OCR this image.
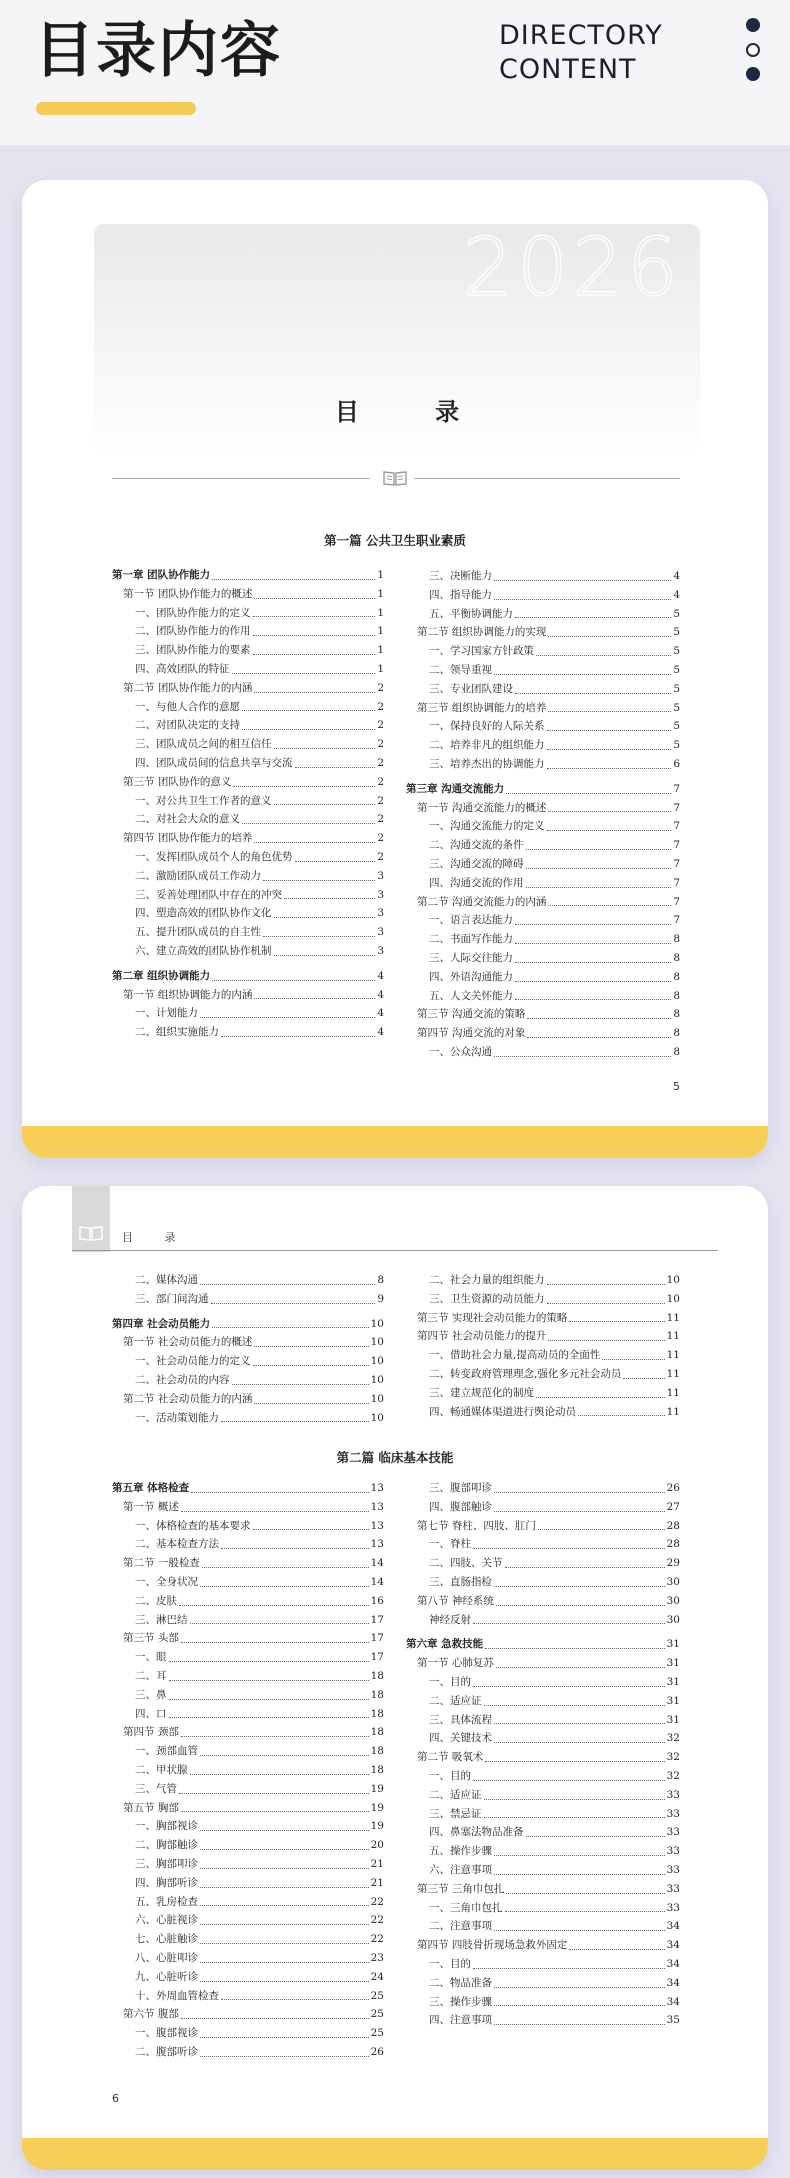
目录内容	DIRECTORY
CONTENT
2026
目 录
第一篇 公共卫生职业素质
第一章 团队协作能力	1
第一节 团队协作能力的概述	1
一、团队协作能力的定义	1
二、团队协作能力的作用	1
三、团队协作能力的要素	1
四、高效团队的特征	1
第二节 团队协作能力的内涵	2
一、与他人合作的意愿	2
二、对团队决定的支持	2
三、团队成员之间的相互信任	2
四、团队成员间的信息共享与交流	2
第三节 团队协作的意义	2
一、对公共卫生工作者的意义	2
二、对社会大众的意义	2
第四节 团队协作能力的培养	2
一、发挥团队成员个人的角色优势	2
二、激励团队成员工作动力	3
三、妥善处理团队中存在的冲突	3
四、塑造高效的团队协作文化	3
五、提升团队成员的自主性	3
六、建立高效的团队协作机制	3
第二章 组织协调能力	4
第一节 组织协调能力的内涵	4
一、计划能力	4
二、组织实施能力	4
三、决断能力	4
四、指导能力	4
五、平衡协调能力	5
第二节 组织协调能力的实现	5
一、学习国家方针政策	5
二、领导重视	5
三、专业团队建设	5
第三节 组织协调能力的培养	5
一、保持良好的人际关系	5
二、培养非凡的组织能力	5
三、培养杰出的协调能力	6
第三章 沟通交流能力	7
第一节 沟通交流能力的概述	7
一、沟通交流能力的定义	7
二、沟通交流的条件	7
三、沟通交流的障碍	7
四、沟通交流的作用	7
第二节 沟通交流能力的内涵	7
一、语言表达能力	7
二、书面写作能力	8
三、人际交往能力	8
四、外语沟通能力	8
五、人文关怀能力	8
第三节 沟通交流的策略	8
第四节 沟通交流的对象	8
一、公众沟通	8
5
目 录
二、媒体沟通	8
三、部门间沟通	9
第四章 社会动员能力	10
第一节 社会动员能力的概述	10
一、社会动员能力的定义	10
二、社会动员的内容	10
第二节 社会动员能力的内涵	10
一、活动策划能力	10
二、社会力量的组织能力	10
三、卫生资源的动员能力	10
第三节 实现社会动员能力的策略	11
第四节 社会动员能力的提升	11
一、借助社会力量,提高动员的全面性	11
二、转变政府管理理念,强化多元社会动员	11
三、建立规范化的制度	11
四、畅通媒体渠道进行舆论动员	11
第二篇 临床基本技能
第五章 体格检查	13
第一节 概述	13
一、体格检查的基本要求	13
二、基本检查方法	13
第二节 一般检查	14
一、全身状况	14
二、皮肤	16
三、淋巴结	17
第三节 头部	17
一、眼	17
二、耳	18
三、鼻	18
四、口	18
第四节 颈部	18
一、颈部血管	18
二、甲状腺	18
三、气管	19
第五节 胸部	19
一、胸部视诊	19
二、胸部触诊	20
三、胸部叩诊	21
四、胸部听诊	21
五、乳房检查	22
六、心脏视诊	22
七、心脏触诊	22
八、心脏叩诊	23
九、心脏听诊	24
十、外周血管检查	25
第六节 腹部	25
一、腹部视诊	25
二、腹部听诊	26
三、腹部叩诊	26
四、腹部触诊	27
第七节 脊柱、四肢、肛门	28
一、脊柱	28
二、四肢、关节	29
三、直肠指检	30
第八节 神经系统	30
神经反射	30
第六章 急救技能	31
第一节 心肺复苏	31
一、目的	31
二、适应证	31
三、具体流程	31
四、关键技术	32
第二节 吸氧术	32
一、目的	32
二、适应证	33
三、禁忌证	33
四、鼻塞法物品准备	33
五、操作步骤	33
六、注意事项	33
第三节 三角巾包扎	33
一、三角巾包扎	33
二、注意事项	34
第四节 四肢骨折现场急救外固定	34
一、目的	34
二、物品准备	34
三、操作步骤	34
四、注意事项	35
6
